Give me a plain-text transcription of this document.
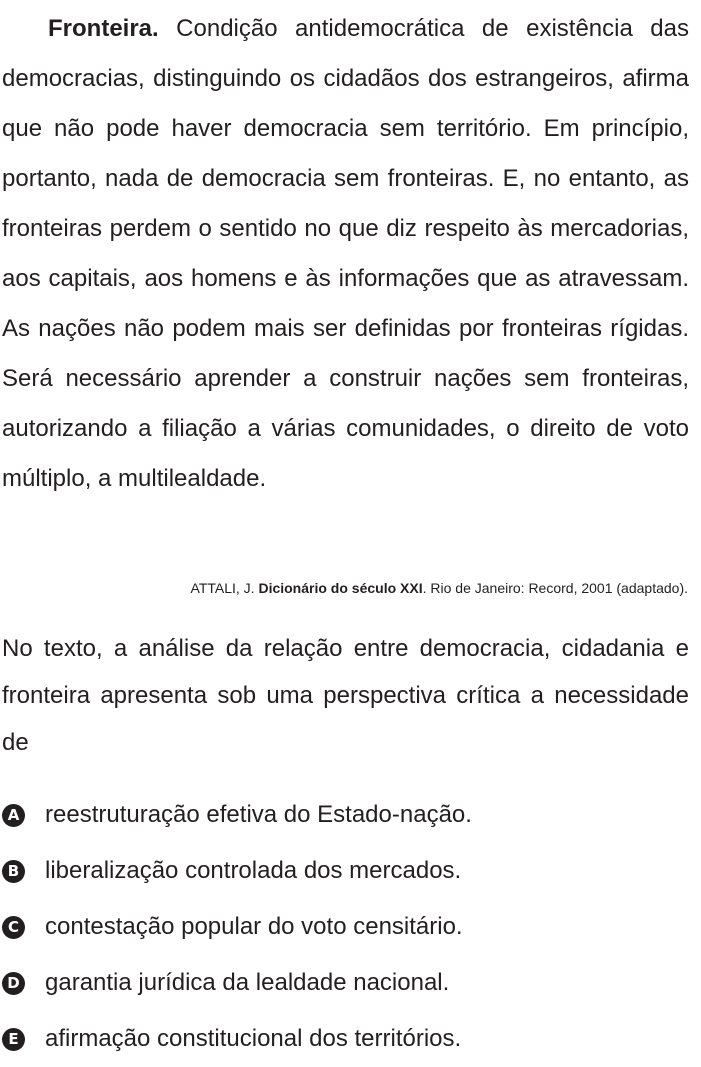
Fronteira. Condição antidemocrática de existência das democracias, distinguindo os cidadãos dos estrangeiros, afirma que não pode haver democracia sem território. Em princípio, portanto, nada de democracia sem fronteiras. E, no entanto, as fronteiras perdem o sentido no que diz respeito às mercadorias, aos capitais, aos homens e às informações que as atravessam. As nações não podem mais ser definidas por fronteiras rígidas. Será necessário aprender a construir nações sem fronteiras, autorizando a filiação a várias comunidades, o direito de voto múltiplo, a multilealdade.

ATTALI, J. Dicionário do século XXI. Rio de Janeiro: Record, 2001 (adaptado).

No texto, a análise da relação entre democracia, cidadania e fronteira apresenta sob uma perspectiva crítica a necessidade de

A reestruturação efetiva do Estado-nação.
B liberalização controlada dos mercados.
C contestação popular do voto censitário.
D garantia jurídica da lealdade nacional.
E afirmação constitucional dos territórios.
